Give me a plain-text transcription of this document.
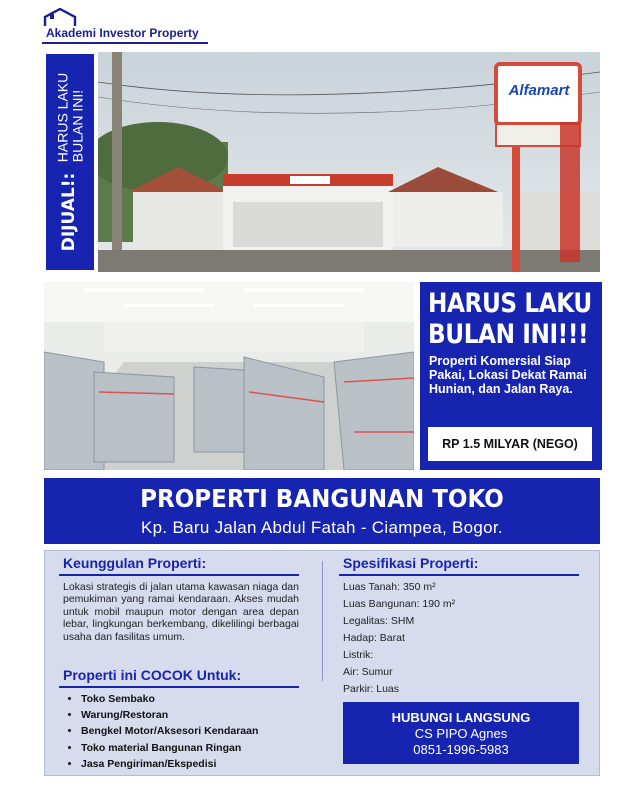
Akademi Investor Property
DIJUAL!:
HARUS LAKU
BULAN INI!	Alfamart
HARUS LAKU
BULAN INI!!!
Properti Komersial Siap Pakai, Lokasi Dekat Ramai Hunian, dan Jalan Raya.
RP 1.5 MILYAR (NEGO)
PROPERTI BANGUNAN TOKO
Kp. Baru Jalan Abdul Fatah - Ciampea, Bogor.
Keunggulan Properti:
Lokasi strategis di jalan utama kawasan niaga dan pemukiman yang ramai kendaraan. Akses mudah untuk mobil maupun motor dengan area depan lebar, lingkungan berkembang, dikelilingi berbagai usaha dan fasilitas umum.
Properti ini COCOK Untuk:
• Toko Sembako
• Warung/Restoran
• Bengkel Motor/Aksesori Kendaraan
• Toko material Bangunan Ringan
• Jasa Pengiriman/Ekspedisi
Spesifikasi Properti:
Luas Tanah: 350 m²
Luas Bangunan: 190 m²
Legalitas: SHM
Hadap: Barat
Listrik:
Air: Sumur
Parkir: Luas
HUBUNGI LANGSUNG
CS PIPO Agnes
0851-1996-5983
